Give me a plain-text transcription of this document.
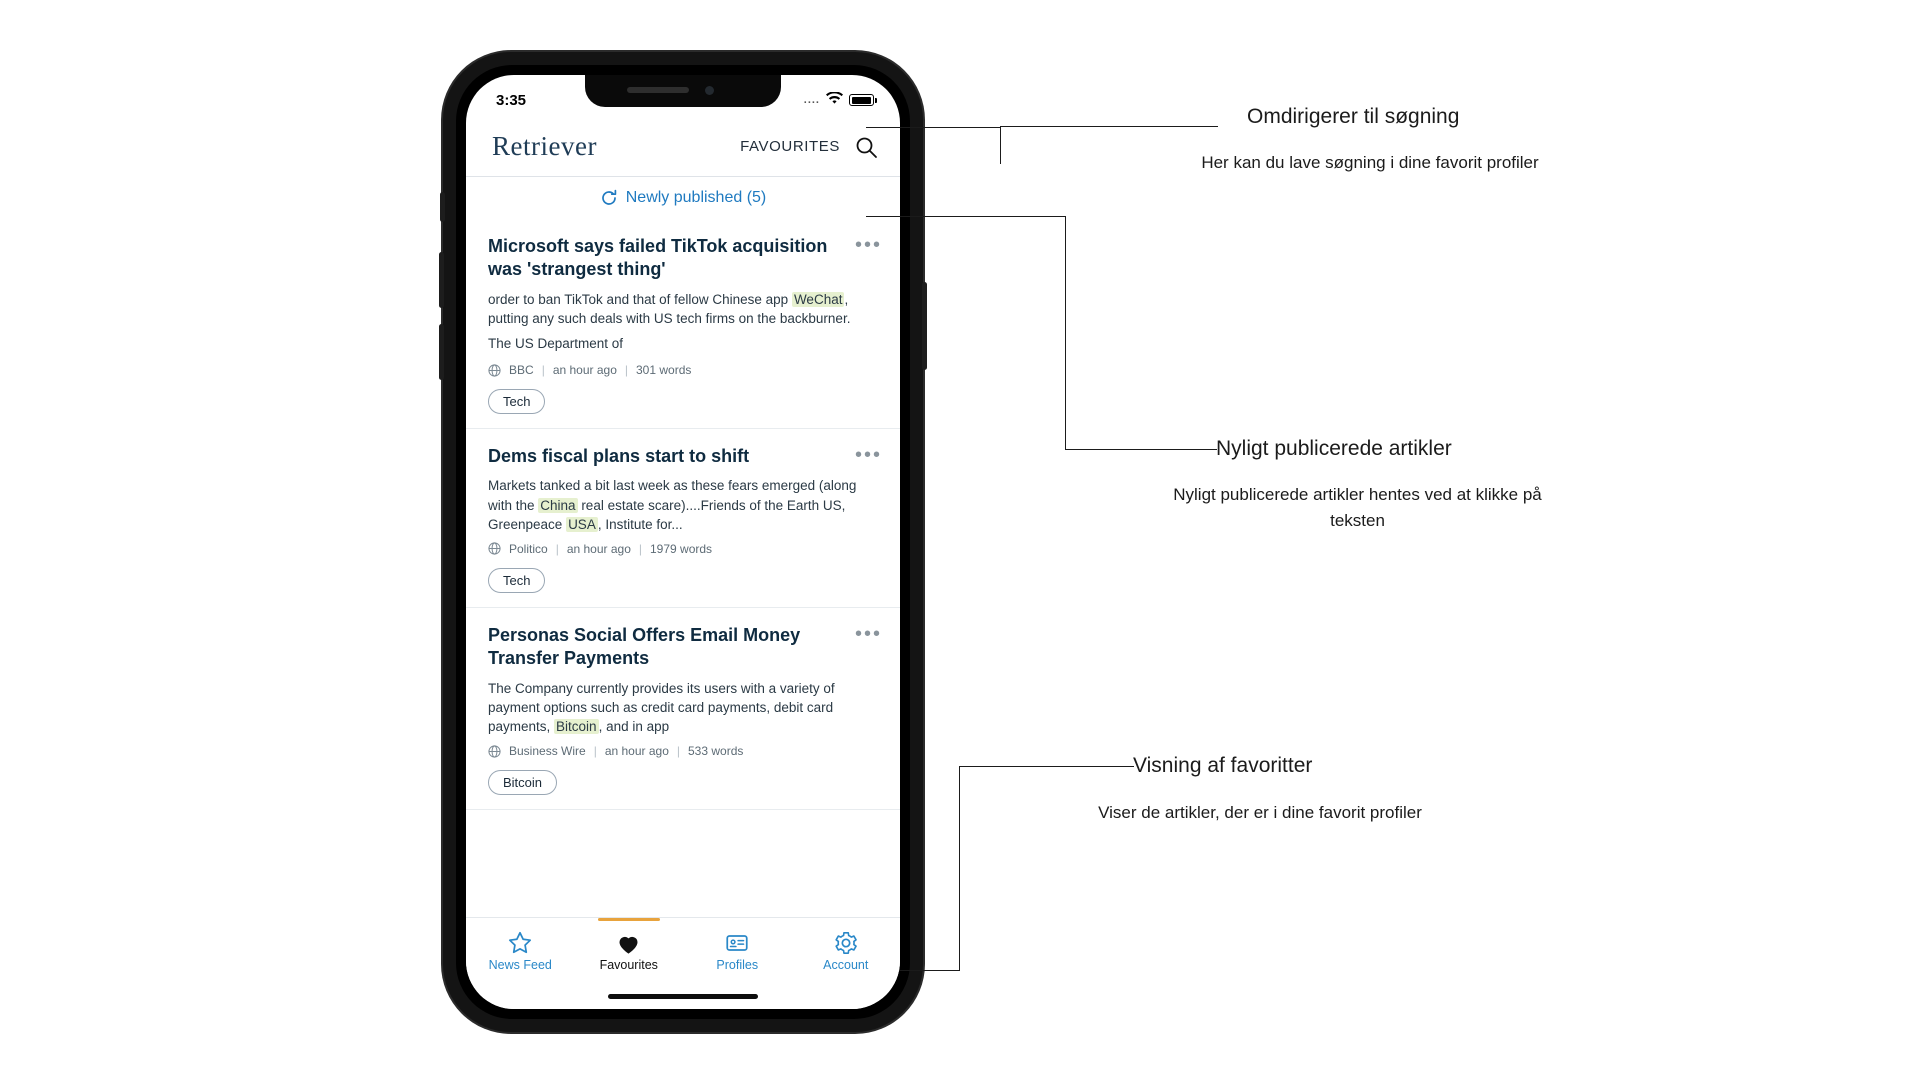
3:35	....
Retriever	FAVOURITES
Newly published (5)
•••
Microsoft says failed TikTok acquisition was 'strangest thing'
order to ban TikTok and that of fellow Chinese app WeChat , putting any such deals with US tech firms on the backburner.
The US Department of
BBC | an hour ago | 301 words
Tech
•••
Dems fiscal plans start to shift
Markets tanked a bit last week as these fears emerged (along with the China real estate scare)....Friends of the Earth US, Greenpeace USA , Institute for...
Politico | an hour ago | 1979 words
Tech
•••
Personas Social Offers Email Money Transfer Payments
The Company currently provides its users with a variety of payment options such as credit card payments, debit card payments, Bitcoin , and in app
Business Wire | an hour ago | 533 words
Bitcoin
News Feed	Favourites	Profiles	Account
Omdirigerer til søgning
Her kan du lave søgning i dine favorit profiler
Nyligt publicerede artikler
Nyligt publicerede artikler hentes ved at klikke på teksten
Visning af favoritter
Viser de artikler, der er i dine favorit profiler
